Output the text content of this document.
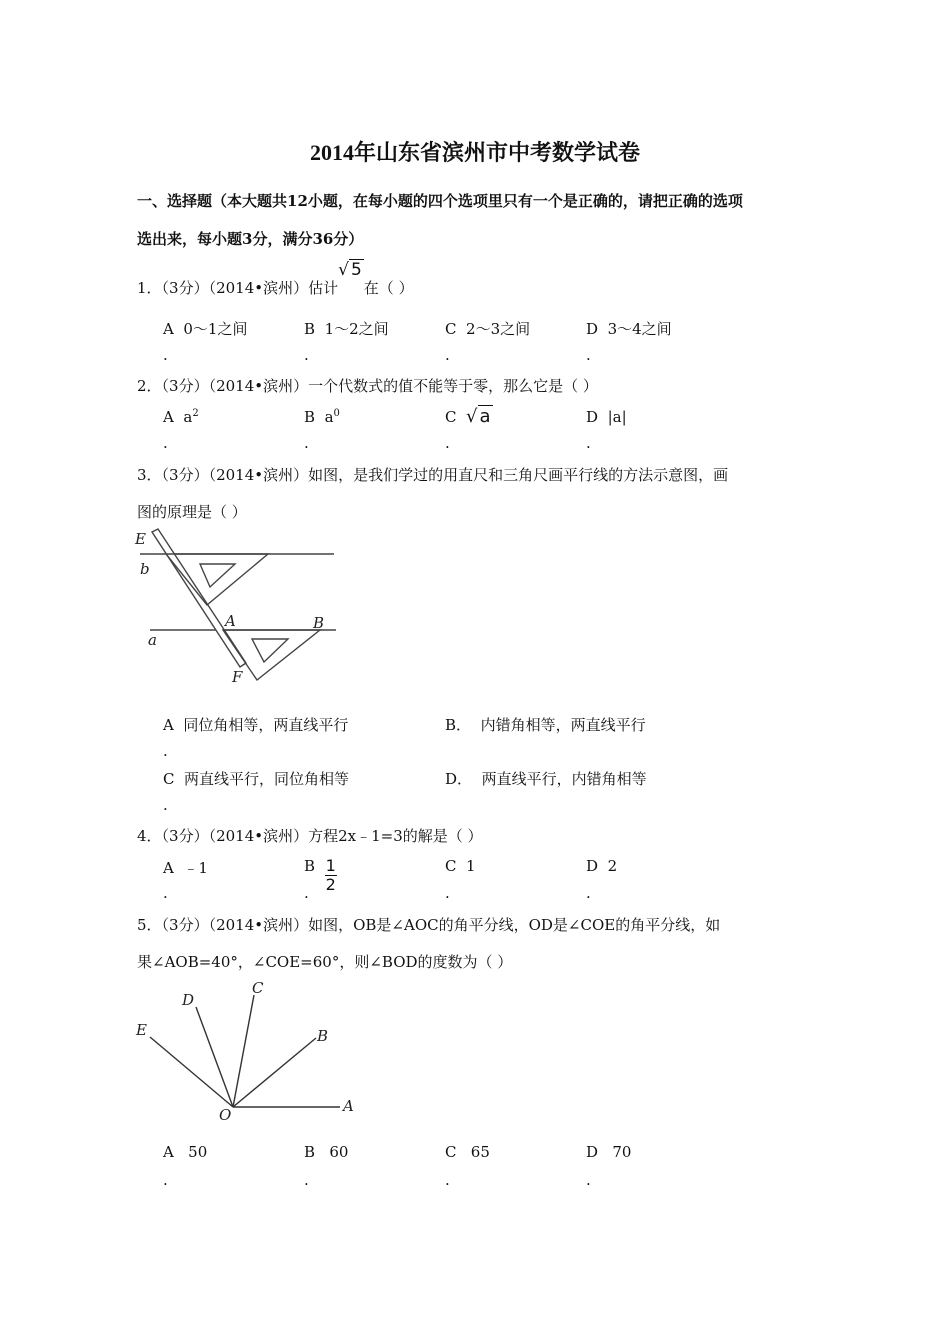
2014年山东省滨州市中考数学试卷
一、选择题（本大题共12小题，在每小题的四个选项里只有一个是正确的，请把正确的选项
选出来，每小题3分，满分36分）
1．（3分）（2014•滨州）估计√ 5在（ ）
A 0～1之间	B 1～2之间	C 2～3之间	D 3～4之间
.	.	.	.
2．（3分）（2014•滨州）一个代数式的值不能等于零，那么它是（ ）
A $a^2$	B $a^0$	C √ a	D |a|
.	.	.	.
3．（3分）（2014•滨州）如图，是我们学过的用直尺和三角尺画平行线的方法示意图，画
图的原理是（ ）
E
b
A	B
a
F
A 同位角相等，两直线平行	B． 内错角相等，两直线平行
.
C 两直线平行，同位角相等	D． 两直线平行，内错角相等
.
4．（3分）（2014•滨州）方程2x﹣1=3的解是（ ）
A ﹣1	B $\frac{1}{2}$	C 1	D 2
.	.	.	.
5．（3分）（2014•滨州）如图，OB是∠AOC的角平分线，OD是∠COE的角平分线，如
果∠AOB=40°，∠COE=60°，则∠BOD的度数为（ ）
C
D
E	B
O	A
A 50	B 60	C 65	D 70
.	.	.	.
